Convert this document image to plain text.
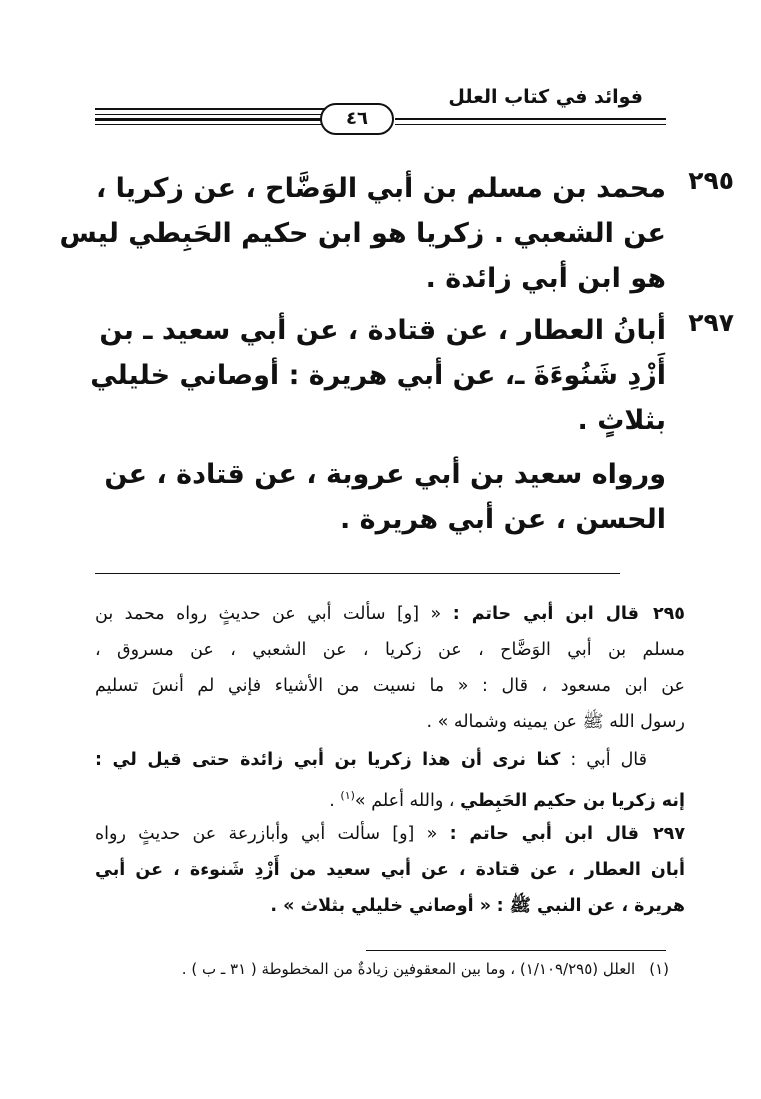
فوائد في كتاب العلل
٤٦
٢٩٥
محمد بن مسلم بن أبي الوَضَّاح ، عن زكريا ،
عن الشعبي . زكريا هو ابن حكيم الحَبِطي ليس
هو ابن أبي زائدة .
٢٩٧
أبانُ العطار ، عن قتادة ، عن أبي سعيد ـ بن
أَزْدِ شَنُوءَةَ ـ، عن أبي هريرة : أوصاني خليلي
بثلاثٍ .
ورواه سعيد بن أبي عروبة ، عن قتادة ، عن
الحسن ، عن أبي هريرة .
٢٩٥قال ابن أبي حاتم : « [و] سألت أبي عن حديثٍ رواه محمد بن
مسلم بن أبي الوَضَّاح ، عن زكريا ، عن الشعبي ، عن مسروق ،
عن ابن مسعود ، قال : « ما نسيت من الأشياء فإني لم أنسَ تسليم
رسول الله ﷺ عن يمينه وشماله » .
قال أبي : كنا نرى أن هذا زكريا بن أبي زائدة حتى قيل لي :
إنه زكريا بن حكيم الحَبِطي ، والله أعلم »$^{(١)}$ .
٢٩٧قال ابن أبي حاتم : « [و] سألت أبي وأبازرعة عن حديثٍ رواه
أبان العطار ، عن قتادة ، عن أبي سعيد من أَزْدِ شَنوءة ، عن أبي
هريرة ، عن النبي ﷺ : « أوصاني خليلي بثلاث » .
(١)العلل (١/١٠٩/٢٩٥) ، وما بين المعقوفين زيادةٌ من المخطوطة ( ٣١ ـ ب ) .
